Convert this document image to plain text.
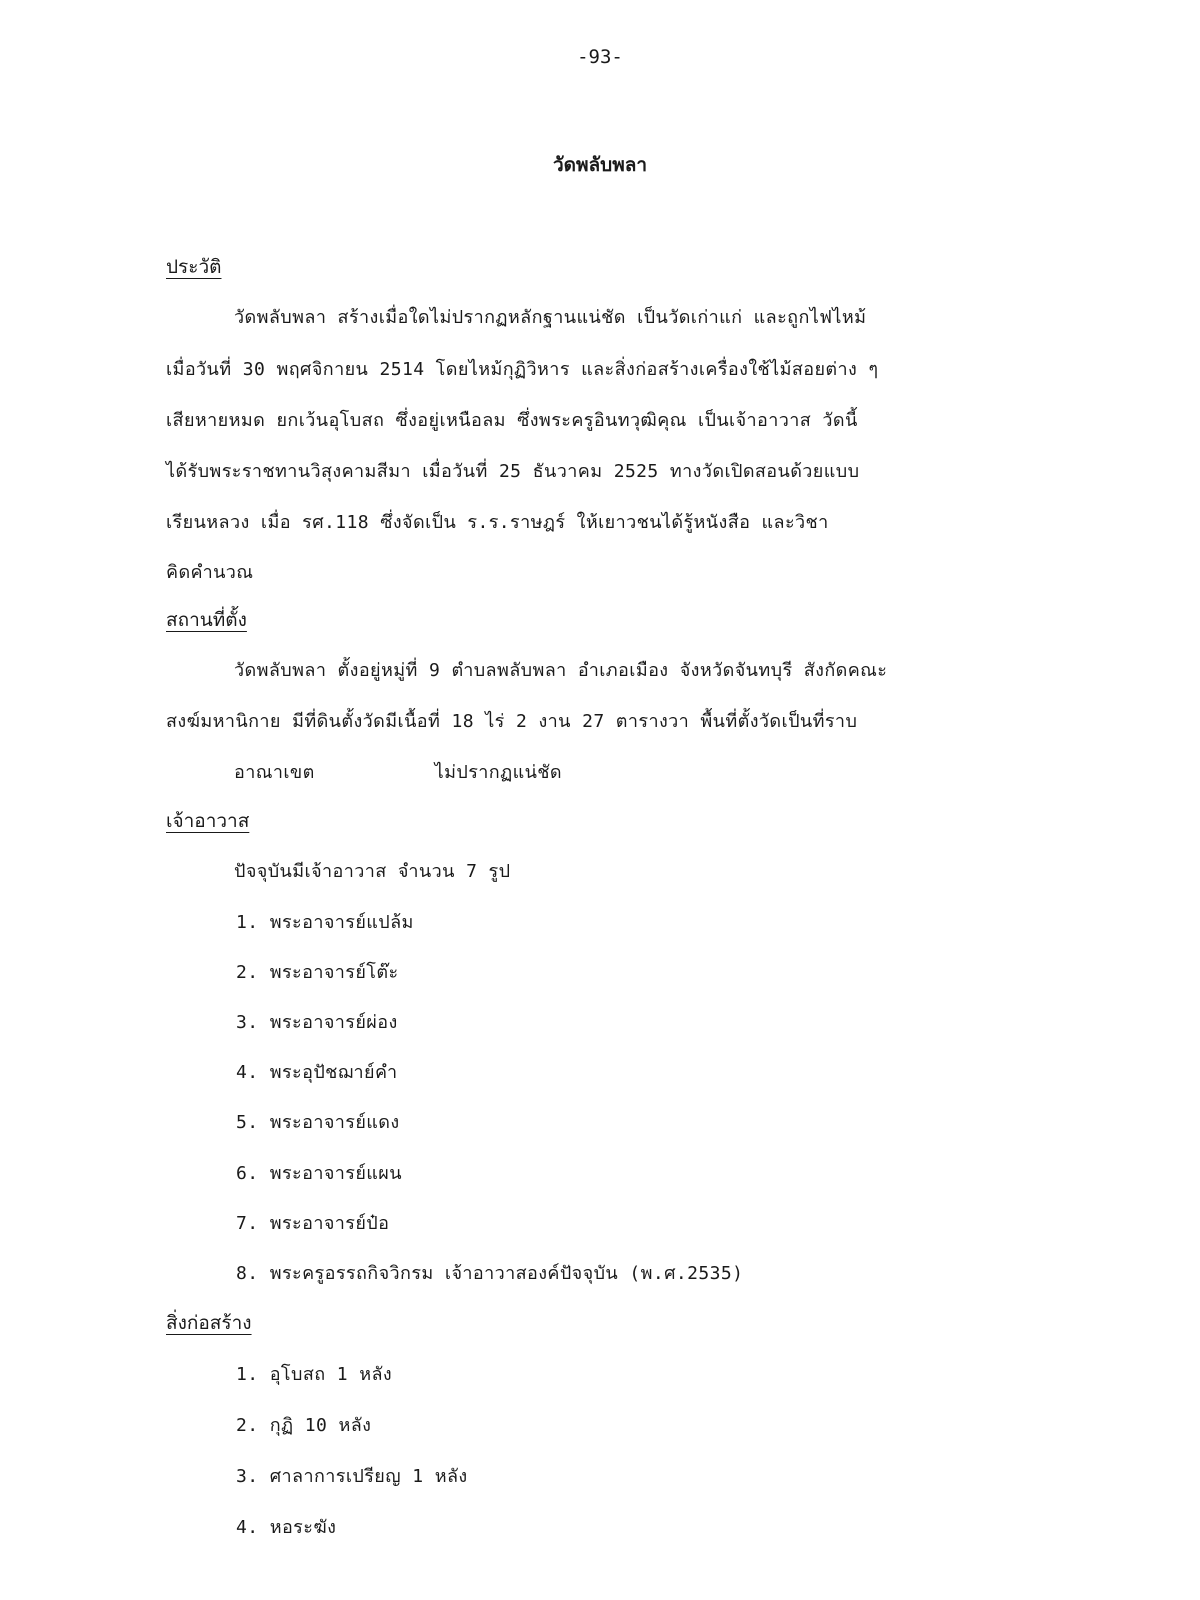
-93-
วัดพลับพลา
ประวัติ
วัดพลับพลา สร้างเมื่อใดไม่ปรากฏหลักฐานแน่ชัด เป็นวัดเก่าแก่ และถูกไฟไหม้
เมื่อวันที่ 30 พฤศจิกายน 2514 โดยไหม้กุฏิวิหาร และสิ่งก่อสร้างเครื่องใช้ไม้สอยต่าง ๆ
เสียหายหมด ยกเว้นอุโบสถ ซึ่งอยู่เหนือลม ซึ่งพระครูอินทวุฒิคุณ เป็นเจ้าอาวาส วัดนี้
ได้รับพระราชทานวิสุงคามสีมา เมื่อวันที่ 25 ธันวาคม 2525 ทางวัดเปิดสอนด้วยแบบ
เรียนหลวง เมื่อ รศ.118 ซึ่งจัดเป็น ร.ร.ราษฎร์ ให้เยาวชนได้รู้หนังสือ และวิชา
คิดคำนวณ
สถานที่ตั้ง
วัดพลับพลา ตั้งอยู่หมู่ที่ 9 ตำบลพลับพลา อำเภอเมือง จังหวัดจันทบุรี สังกัดคณะ
สงฆ์มหานิกาย มีที่ดินตั้งวัดมีเนื้อที่ 18 ไร่ 2 งาน 27 ตารางวา พื้นที่ตั้งวัดเป็นที่ราบ
อาณาเขต	ไม่ปรากฏแน่ชัด
เจ้าอาวาส
ปัจจุบันมีเจ้าอาวาส จำนวน 7 รูป
1. พระอาจารย์แปล้ม
2. พระอาจารย์โต๊ะ
3. พระอาจารย์ผ่อง
4. พระอุปัชฌาย์คำ
5. พระอาจารย์แดง
6. พระอาจารย์แผน
7. พระอาจารย์ป๋อ
8. พระครูอรรถกิจวิกรม เจ้าอาวาสองค์ปัจจุบัน (พ.ศ.2535)
สิ่งก่อสร้าง
1. อุโบสถ 1 หลัง
2. กุฏิ 10 หลัง
3. ศาลาการเปรียญ 1 หลัง
4. หอระฆัง
